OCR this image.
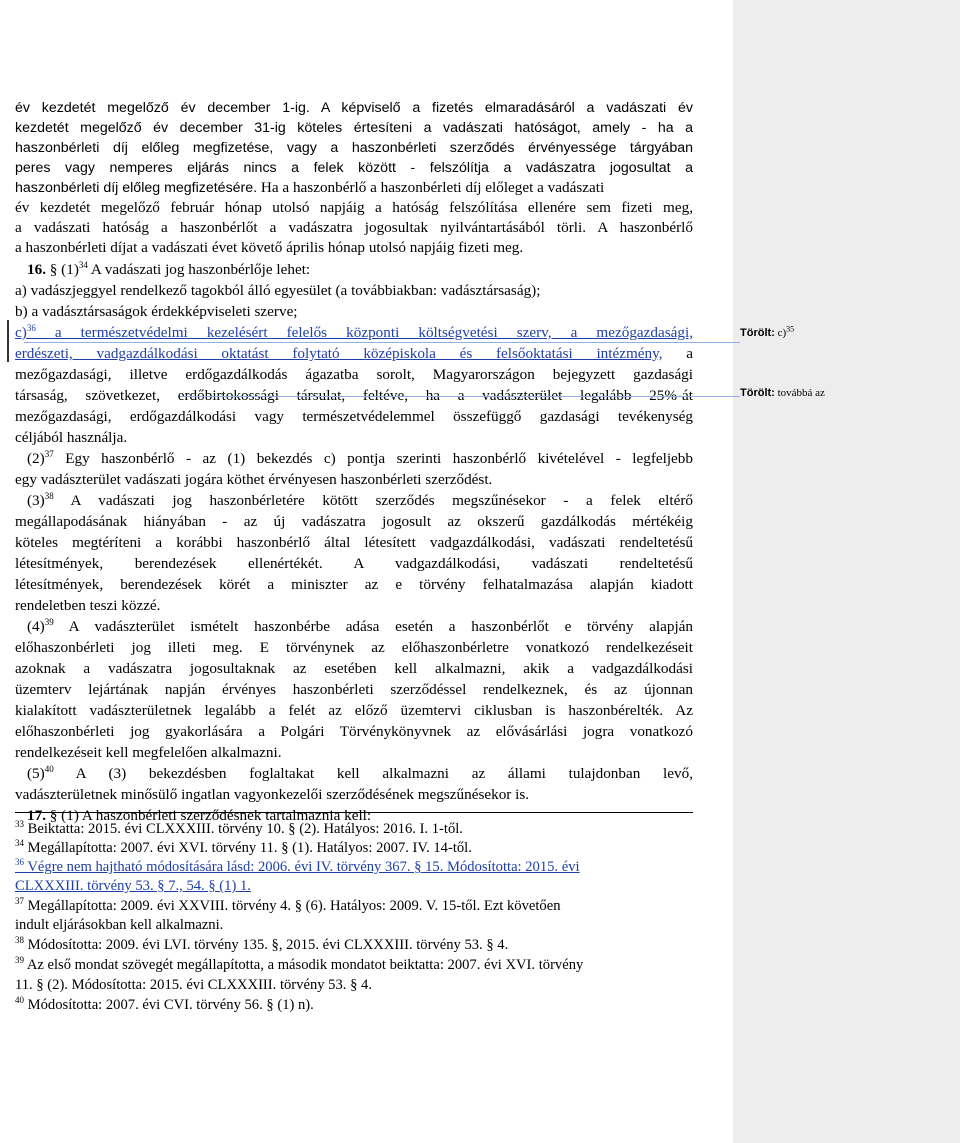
év kezdetét megelőző év december 1-ig. A képviselő a fizetés elmaradásáról a vadászati év
kezdetét megelőző év december 31-ig köteles értesíteni a vadászati hatóságot, amely - ha a
haszonbérleti díj előleg megfizetése, vagy a haszonbérleti szerződés érvényessége tárgyában
peres vagy nemperes eljárás nincs a felek között - felszólítja a vadászatra jogosultat a
haszonbérleti díj előleg megfizetésére. Ha a haszonbérlő a haszonbérleti díj előleget a vadászati
év kezdetét megelőző február hónap utolsó napjáig a hatóság felszólítása ellenére sem fizeti meg,
a vadászati hatóság a haszonbérlőt a vadászatra jogosultak nyilvántartásából törli. A haszonbérlő
a haszonbérleti díjat a vadászati évet követő április hónap utolsó napjáig fizeti meg.
16. § $(1)^{34}$ A vadászati jog haszonbérlője lehet:
a) vadászjeggyel rendelkező tagokból álló egyesület (a továbbiakban: vadásztársaság);
b) a vadásztársaságok érdekképviseleti szerve;
c)$^{36}$ a természetvédelmi kezelésért felelős központi költségvetési szerv, a mezőgazdasági,
erdészeti, vadgazdálkodási oktatást folytató középiskola és felsőoktatási intézmény, a
mezőgazdasági, illetve erdőgazdálkodás ágazatba sorolt, Magyarországon bejegyzett gazdasági
társaság, szövetkezet, erdőbirtokossági társulat, feltéve, ha a vadászterület legalább 25%-át
mezőgazdasági, erdőgazdálkodási vagy természetvédelemmel összefüggő gazdasági tevékenység
céljából használja.
$(2)^{37}$ Egy haszonbérlő - az (1) bekezdés c) pontja szerinti haszonbérlő kivételével - legfeljebb
egy vadászterület vadászati jogára köthet érvényesen haszonbérleti szerződést.
$(3)^{38}$ A vadászati jog haszonbérletére kötött szerződés megszűnésekor - a felek eltérő
megállapodásának hiányában - az új vadászatra jogosult az okszerű gazdálkodás mértékéig
köteles megtéríteni a korábbi haszonbérlő által létesített vadgazdálkodási, vadászati rendeltetésű
létesítmények, berendezések ellenértékét. A vadgazdálkodási, vadászati rendeltetésű
létesítmények, berendezések körét a miniszter az e törvény felhatalmazása alapján kiadott
rendeletben teszi közzé.
$(4)^{39}$ A vadászterület ismételt haszonbérbe adása esetén a haszonbérlőt e törvény alapján
előhaszonbérleti jog illeti meg. E törvénynek az előhaszonbérletre vonatkozó rendelkezéseit
azoknak a vadászatra jogosultaknak az esetében kell alkalmazni, akik a vadgazdálkodási
üzemterv lejártának napján érvényes haszonbérleti szerződéssel rendelkeznek, és az újonnan
kialakított vadászterületnek legalább a felét az előző üzemtervi ciklusban is haszonbérelték. Az
előhaszonbérleti jog gyakorlására a Polgári Törvénykönyvnek az elővásárlási jogra vonatkozó
rendelkezéseit kell megfelelően alkalmazni.
$(5)^{40}$ A (3) bekezdésben foglaltakat kell alkalmazni az állami tulajdonban levő,
vadászterületnek minősülő ingatlan vagyonkezelői szerződésének megszűnésekor is.
17. § (1) A haszonbérleti szerződésnek tartalmaznia kell:
$^{33}$ Beiktatta: 2015. évi CLXXXIII. törvény 10. § (2). Hatályos: 2016. I. 1-től.
$^{34}$ Megállapította: 2007. évi XVI. törvény 11. § (1). Hatályos: 2007. IV. 14-től.
$^{36}$ Végre nem hajtható módosítására lásd: 2006. évi IV. törvény 367. § 15. Módosította: 2015. évi
CLXXXIII. törvény 53. § 7., 54. § (1) 1.
$^{37}$ Megállapította: 2009. évi XXVIII. törvény 4. § (6). Hatályos: 2009. V. 15-től. Ezt követően
indult eljárásokban kell alkalmazni.
$^{38}$ Módosította: 2009. évi LVI. törvény 135. §, 2015. évi CLXXXIII. törvény 53. § 4.
$^{39}$ Az első mondat szövegét megállapította, a második mondatot beiktatta: 2007. évi XVI. törvény
11. § (2). Módosította: 2015. évi CLXXXIII. törvény 53. § 4.
$^{40}$ Módosította: 2007. évi CVI. törvény 56. § (1) n).
Törölt: c)$^{35}$
Törölt: továbbá az
